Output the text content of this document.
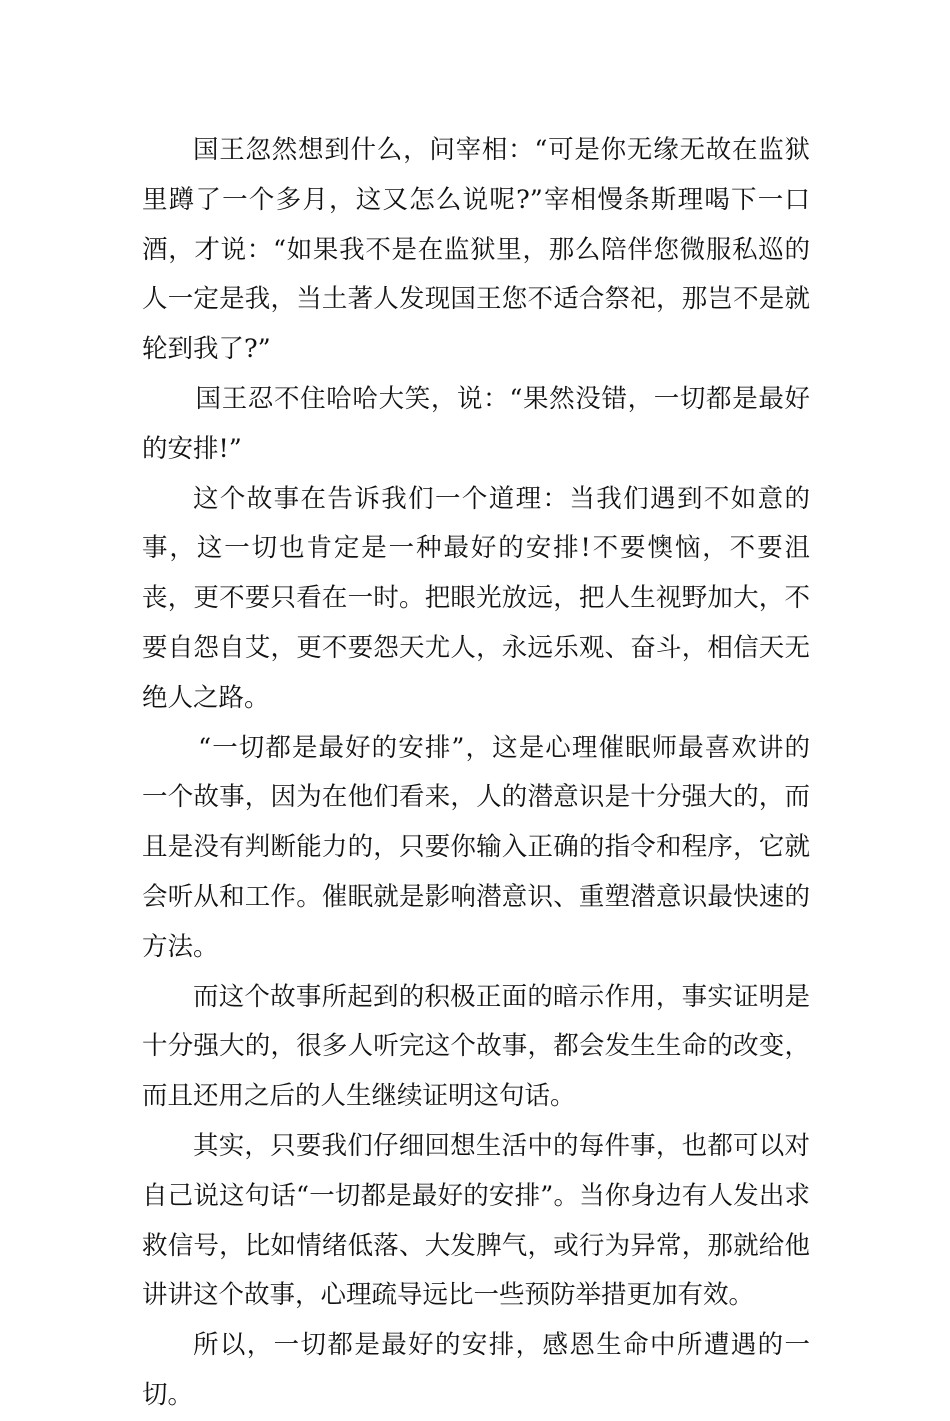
国王忽然想到什么，问宰相：“可是你无缘无故在监狱里蹲了一个多月，这又怎么说呢?”宰相慢条斯理喝下一口酒，才说：“如果我不是在监狱里，那么陪伴您微服私巡的人一定是我，当土著人发现国王您不适合祭祀，那岂不是就轮到我了?”

国王忍不住哈哈大笑，说：“果然没错，一切都是最好的安排!”

这个故事在告诉我们一个道理：当我们遇到不如意的事，这一切也肯定是一种最好的安排!不要懊恼，不要沮丧，更不要只看在一时。把眼光放远，把人生视野加大，不要自怨自艾，更不要怨天尤人，永远乐观、奋斗，相信天无绝人之路。

“一切都是最好的安排”，这是心理催眠师最喜欢讲的一个故事，因为在他们看来，人的潜意识是十分强大的，而且是没有判断能力的，只要你输入正确的指令和程序，它就会听从和工作。催眠就是影响潜意识、重塑潜意识最快速的方法。

而这个故事所起到的积极正面的暗示作用，事实证明是十分强大的，很多人听完这个故事，都会发生生命的改变，而且还用之后的人生继续证明这句话。

其实，只要我们仔细回想生活中的每件事，也都可以对自己说这句话“一切都是最好的安排”。当你身边有人发出求救信号，比如情绪低落、大发脾气，或行为异常，那就给他讲讲这个故事，心理疏导远比一些预防举措更加有效。

所以，一切都是最好的安排，感恩生命中所遭遇的一切。
